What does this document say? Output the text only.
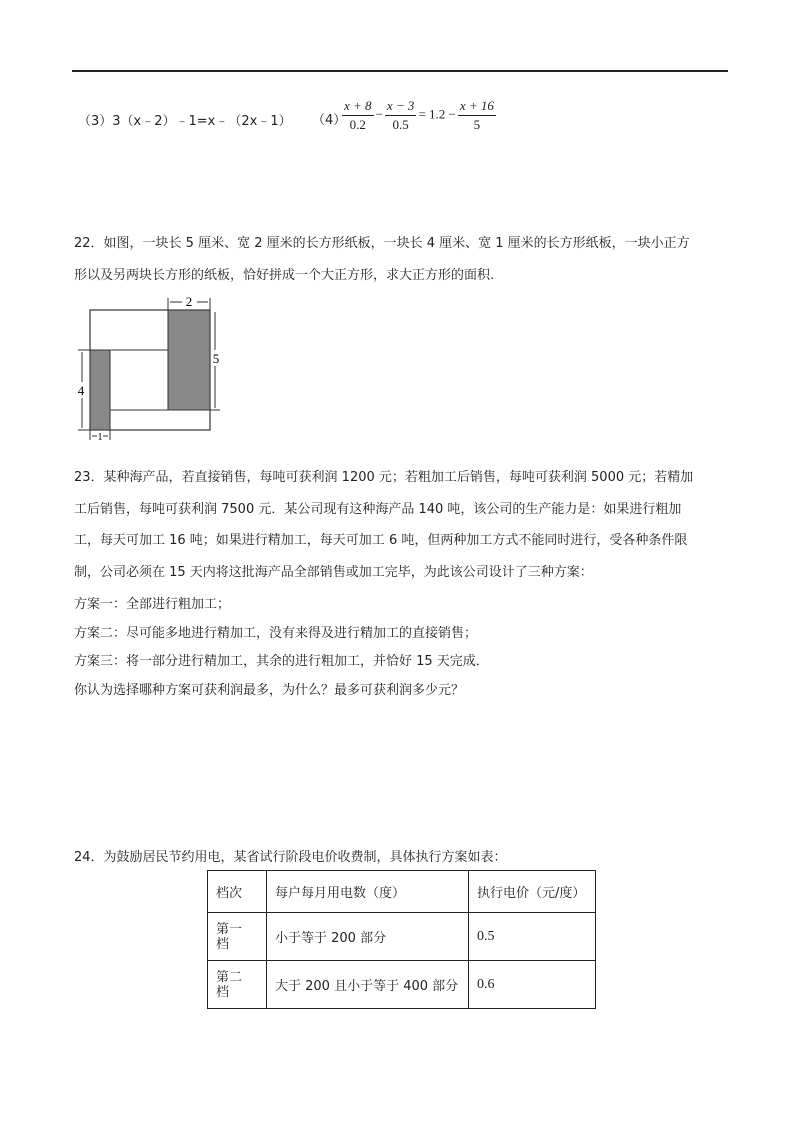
（3）3（x﹣2）﹣1=x﹣（2x﹣1） （4）
$\frac{x + 8}{0.2} - \frac{x - 3}{0.5} = 1.2 - \frac{x + 16}{5}$
22．如图，一块长 5 厘米、宽 2 厘米的长方形纸板，一块长 4 厘米、宽 1 厘米的长方形纸板，一块小正方
形以及另两块长方形的纸板，恰好拼成一个大正方形，求大正方形的面积.
2
5
4
1
23．某种海产品，若直接销售，每吨可获利润 1200 元；若粗加工后销售，每吨可获利润 5000 元；若精加
工后销售，每吨可获利润 7500 元．某公司现有这种海产品 140 吨，该公司的生产能力是：如果进行粗加
工，每天可加工 16 吨；如果进行精加工，每天可加工 6 吨，但两种加工方式不能同时进行，受各种条件限
制，公司必须在 15 天内将这批海产品全部销售或加工完毕，为此该公司设计了三种方案：
方案一：全部进行粗加工；
方案二：尽可能多地进行精加工，没有来得及进行精加工的直接销售；
方案三：将一部分进行精加工，其余的进行粗加工，并恰好 15 天完成．
你认为选择哪种方案可获利润最多，为什么？最多可获利润多少元？
24．为鼓励居民节约用电，某省试行阶段电价收费制，具体执行方案如表：
档次	每户每月用电数（度）	执行电价（元/度）

第一
档	小于等于 200 部分	0.5

第二
档	大于 200 且小于等于 400 部分	0.6
